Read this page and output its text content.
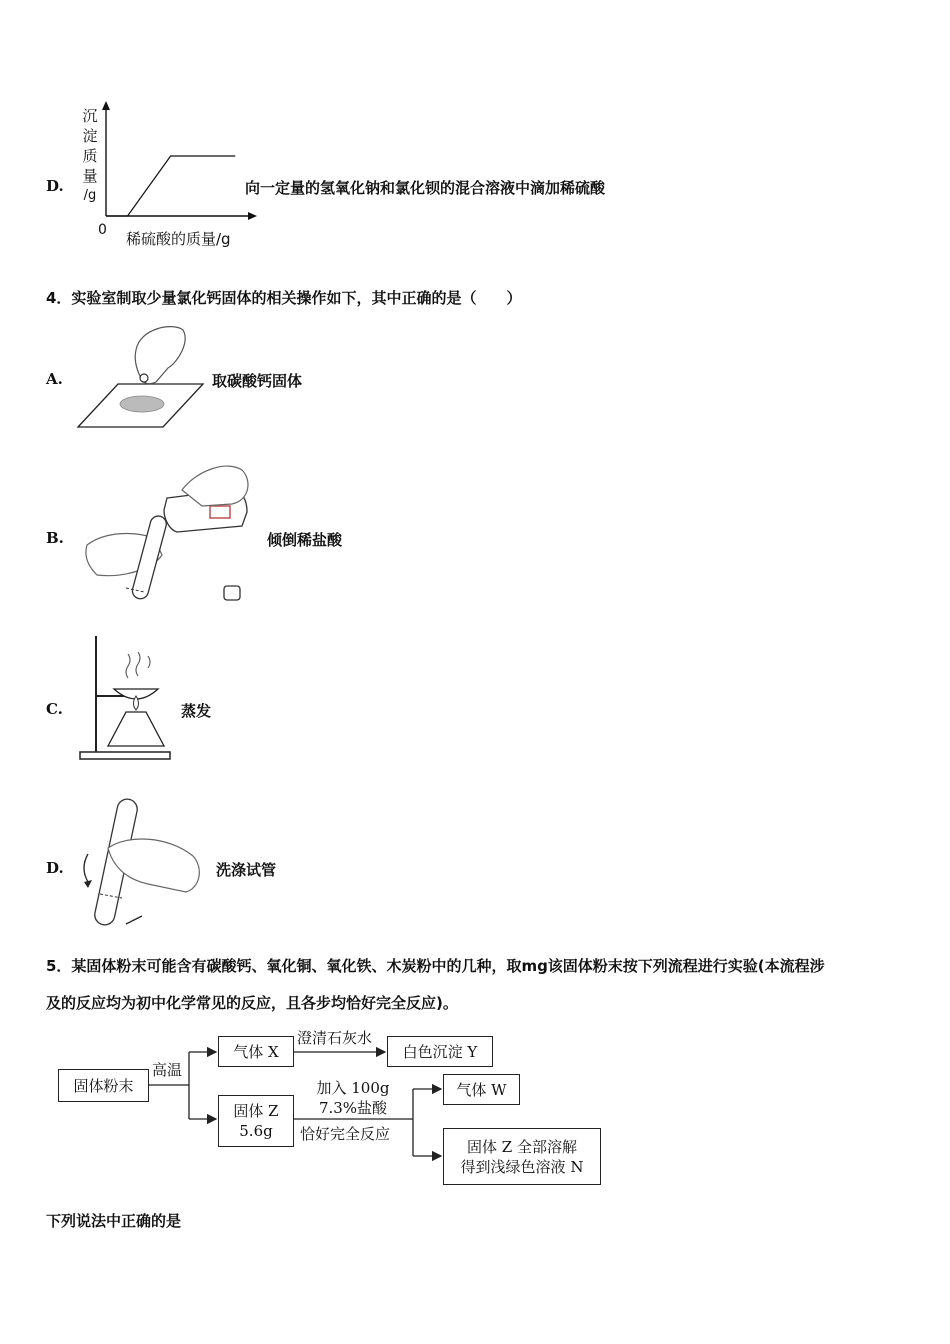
D.
沉
淀
质
量
/g
0 稀硫酸的质量/g
向一定量的氢氧化钠和氯化钡的混合溶液中滴加稀硫酸
4．实验室制取少量氯化钙固体的相关操作如下，其中正确的是（　　）
A.	取碳酸钙固体
B.	倾倒稀盐酸
C.	蒸发
D.	洗涤试管
5．某固体粉末可能含有碳酸钙、氧化铜、氧化铁、木炭粉中的几种，取mg该固体粉末按下列流程进行实验(本流程涉
及的反应均为初中化学常见的反应，且各步均恰好完全反应)。
固体粉末
高温
气体 X
澄清石灰水
白色沉淀 Y
固体 Z
5.6g
加入 100g
7.3%盐酸
恰好完全反应
气体 W
固体 Z 全部溶解
得到浅绿色溶液 N
下列说法中正确的是
